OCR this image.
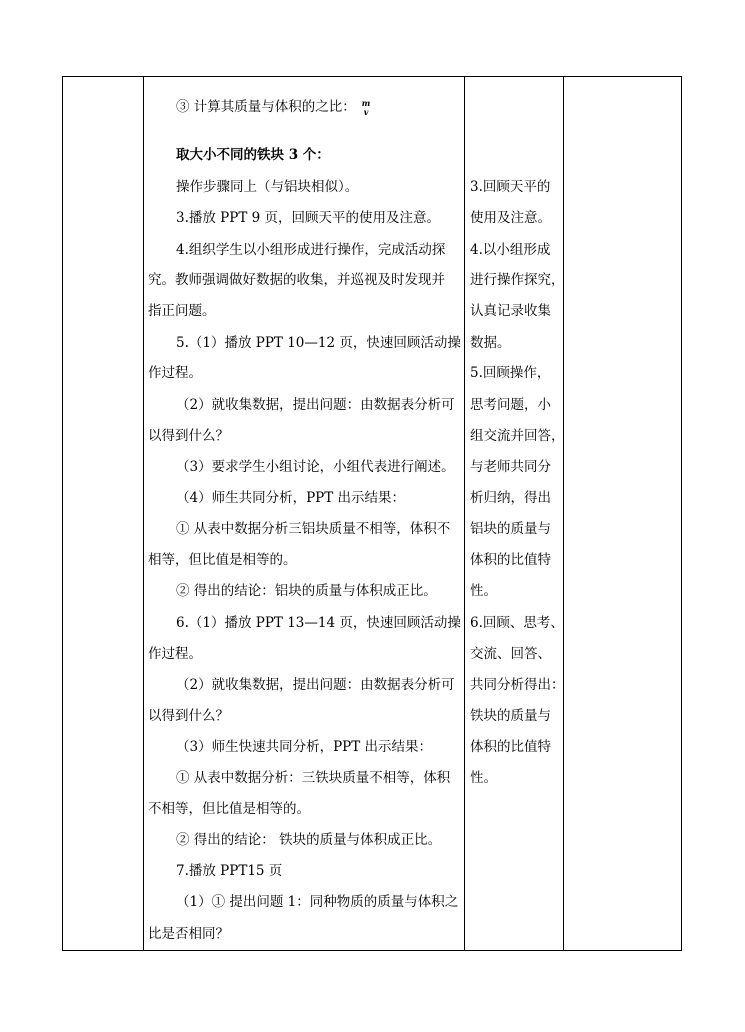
③ 计算其质量与体积的之比： m
v
取大小不同的铁块 3 个：
操作步骤同上（与铝块相似）。
3.播放 PPT 9 页，回顾天平的使用及注意。
4.组织学生以小组形成进行操作，完成活动探
究。教师强调做好数据的收集，并巡视及时发现并
指正问题。
5.（1）播放 PPT 10—12 页，快速回顾活动操
作过程。
（2）就收集数据，提出问题：由数据表分析可
以得到什么？
（3）要求学生小组讨论，小组代表进行阐述。
（4）师生共同分析，PPT 出示结果：
① 从表中数据分析三铝块质量不相等，体积不
相等，但比值是相等的。
② 得出的结论：铝块的质量与体积成正比。
6.（1）播放 PPT 13—14 页，快速回顾活动操
作过程。
（2）就收集数据，提出问题：由数据表分析可
以得到什么？
（3）师生快速共同分析，PPT 出示结果：
① 从表中数据分析：三铁块质量不相等，体积
不相等，但比值是相等的。
② 得出的结论： 铁块的质量与体积成正比。
7.播放 PPT15 页
（1）① 提出问题 1：同种物质的质量与体积之
比是否相同？
3.回顾天平的
使用及注意。
4.以小组形成
进行操作探究，
认真记录收集
数据。
5.回顾操作，
思考问题，小
组交流并回答，
与老师共同分
析归纳，得出
铝块的质量与
体积的比值特
性。
6.回顾、思考、
交流、回答、
共同分析得出：
铁块的质量与
体积的比值特
性。
